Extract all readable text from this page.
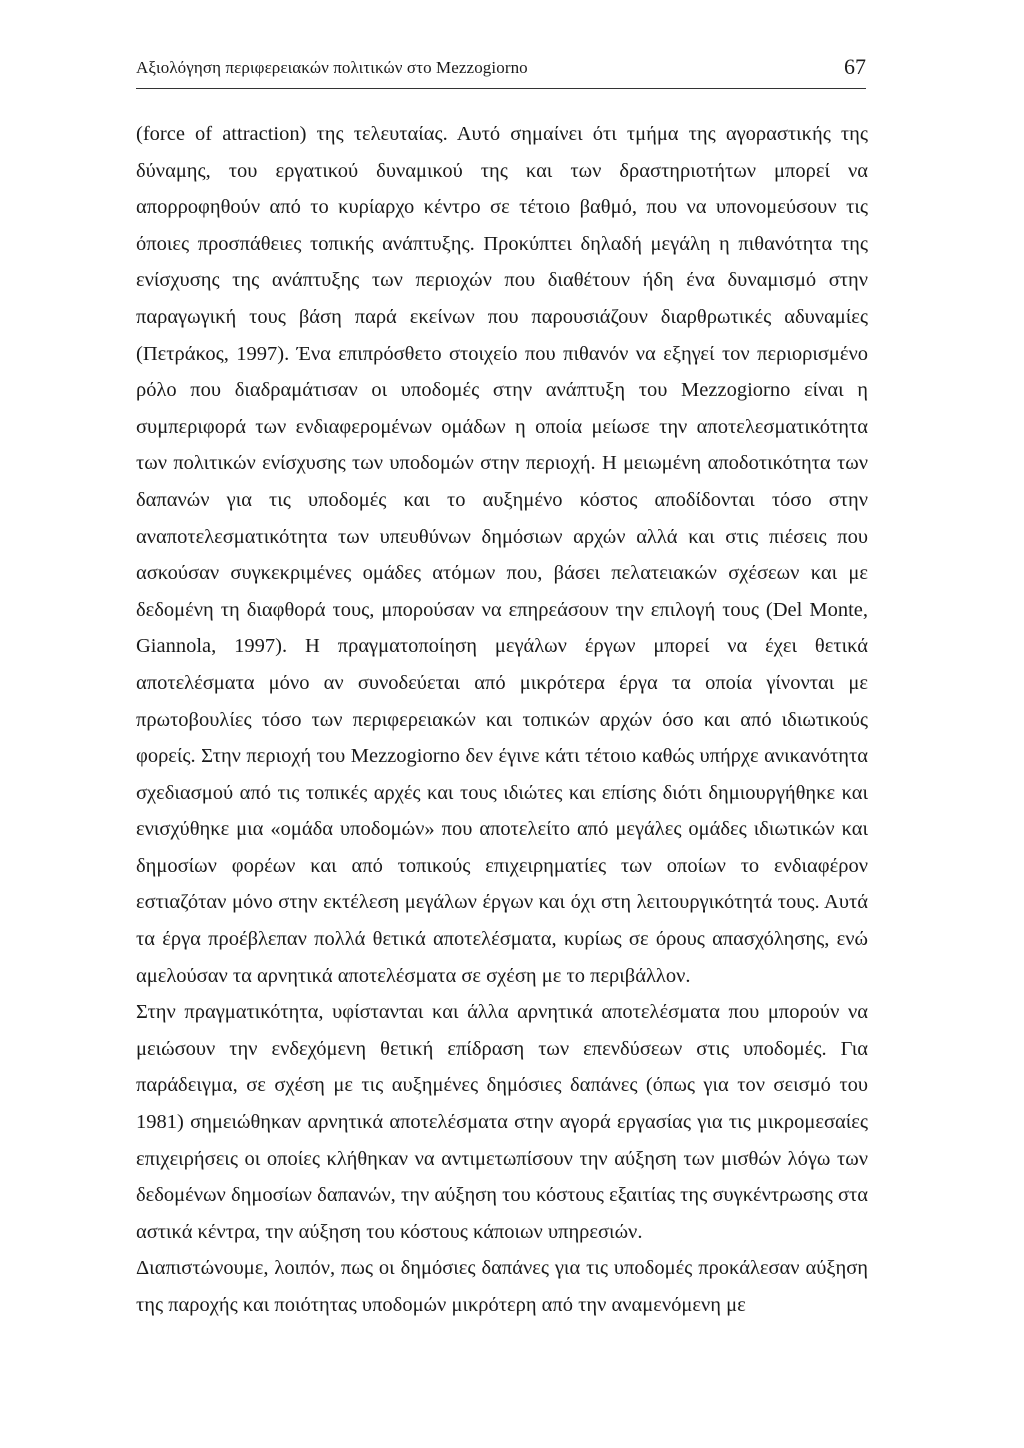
Αξιολόγηση περιφερειακών πολιτικών στο Mezzogiorno	67

(force of attraction) της τελευταίας. Αυτό σημαίνει ότι τμήμα της αγοραστικής της δύναμης, του εργατικού δυναμικού της και των δραστηριοτήτων μπορεί να απορροφηθούν από το κυρίαρχο κέντρο σε τέτοιο βαθμό, που να υπονομεύσουν τις όποιες προσπάθειες τοπικής ανάπτυξης. Προκύπτει δηλαδή μεγάλη η πιθανότητα της ενίσχυσης της ανάπτυξης των περιοχών που διαθέτουν ήδη ένα δυναμισμό στην παραγωγική τους βάση παρά εκείνων που παρουσιάζουν διαρθρωτικές αδυναμίες (Πετράκος, 1997). Ένα επιπρόσθετο στοιχείο που πιθανόν να εξηγεί τον περιορισμένο ρόλο που διαδραμάτισαν οι υποδομές στην ανάπτυξη του Mezzogiorno είναι η συμπεριφορά των ενδιαφερομένων ομάδων η οποία μείωσε την αποτελεσματικότητα των πολιτικών ενίσχυσης των υποδομών στην περιοχή. Η μειωμένη αποδοτικότητα των δαπανών για τις υποδομές και το αυξημένο κόστος αποδίδονται τόσο στην αναποτελεσματικότητα των υπευθύνων δημόσιων αρχών αλλά και στις πιέσεις που ασκούσαν συγκεκριμένες ομάδες ατόμων που, βάσει πελατειακών σχέσεων και με δεδομένη τη διαφθορά τους, μπορούσαν να επηρεάσουν την επιλογή τους (Del Monte, Giannola, 1997). Η πραγματοποίηση μεγάλων έργων μπορεί να έχει θετικά αποτελέσματα μόνο αν συνοδεύεται από μικρότερα έργα τα οποία γίνονται με πρωτοβουλίες τόσο των περιφερειακών και τοπικών αρχών όσο και από ιδιωτικούς φορείς. Στην περιοχή του Mezzogiorno δεν έγινε κάτι τέτοιο καθώς υπήρχε ανικανότητα σχεδιασμού από τις τοπικές αρχές και τους ιδιώτες και επίσης διότι δημιουργήθηκε και ενισχύθηκε μια «ομάδα υποδομών» που αποτελείτο από μεγάλες ομάδες ιδιωτικών και δημοσίων φορέων και από τοπικούς επιχειρηματίες των οποίων το ενδιαφέρον εστιαζόταν μόνο στην εκτέλεση μεγάλων έργων και όχι στη λειτουργικότητά τους. Αυτά τα έργα προέβλεπαν πολλά θετικά αποτελέσματα, κυρίως σε όρους απασχόλησης, ενώ αμελούσαν τα αρνητικά αποτελέσματα σε σχέση με το περιβάλλον.

Στην πραγματικότητα, υφίστανται και άλλα αρνητικά αποτελέσματα που μπορούν να μειώσουν την ενδεχόμενη θετική επίδραση των επενδύσεων στις υποδομές. Για παράδειγμα, σε σχέση με τις αυξημένες δημόσιες δαπάνες (όπως για τον σεισμό του 1981) σημειώθηκαν αρνητικά αποτελέσματα στην αγορά εργασίας για τις μικρομεσαίες επιχειρήσεις οι οποίες κλήθηκαν να αντιμετωπίσουν την αύξηση των μισθών λόγω των δεδομένων δημοσίων δαπανών, την αύξηση του κόστους εξαιτίας της συγκέντρωσης στα αστικά κέντρα, την αύξηση του κόστους κάποιων υπηρεσιών.

Διαπιστώνουμε, λοιπόν, πως οι δημόσιες δαπάνες για τις υποδομές προκάλεσαν αύξηση της παροχής και ποιότητας υποδομών μικρότερη από την αναμενόμενη με
